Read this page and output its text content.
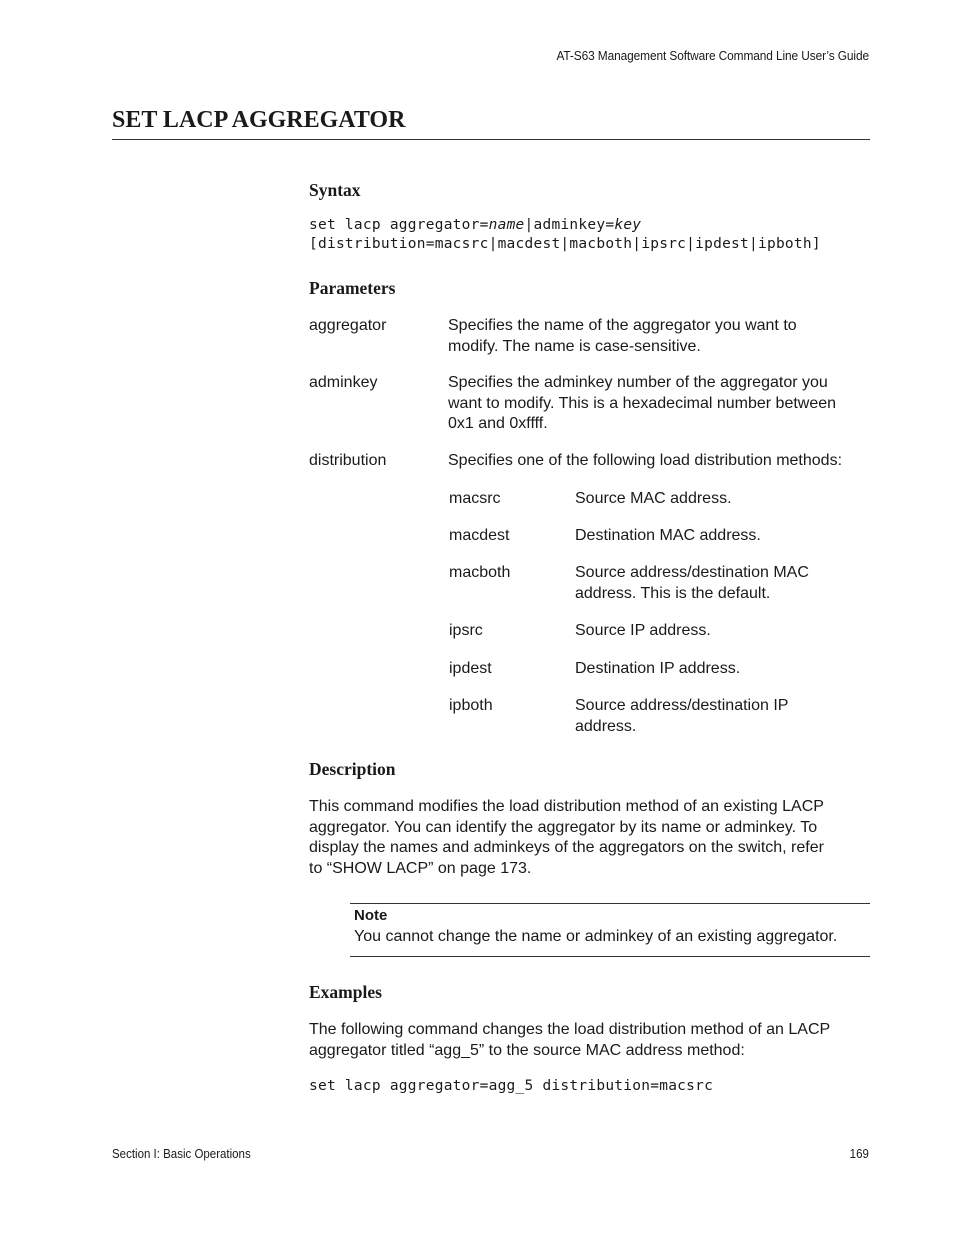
AT-S63 Management Software Command Line User’s Guide
SET LACP AGGREGATOR
Syntax
set lacp aggregator=name|adminkey=key
[distribution=macsrc|macdest|macboth|ipsrc|ipdest|ipboth]
Parameters
aggregator	Specifies the name of the aggregator you want to
modify. The name is case-sensitive.
adminkey	Specifies the adminkey number of the aggregator you
want to modify. This is a hexadecimal number between
0x1 and 0xffff.
distribution	Specifies one of the following load distribution methods:
macsrc	Source MAC address.
macdest	Destination MAC address.
macboth	Source address/destination MAC
address. This is the default.
ipsrc	Source IP address.
ipdest	Destination IP address.
ipboth	Source address/destination IP
address.
Description
This command modifies the load distribution method of an existing LACP
aggregator. You can identify the aggregator by its name or adminkey. To
display the names and adminkeys of the aggregators on the switch, refer
to “SHOW LACP” on page 173.
Note
You cannot change the name or adminkey of an existing aggregator.
Examples
The following command changes the load distribution method of an LACP
aggregator titled “agg_5” to the source MAC address method:
set lacp aggregator=agg_5 distribution=macsrc
Section I: Basic Operations	169
